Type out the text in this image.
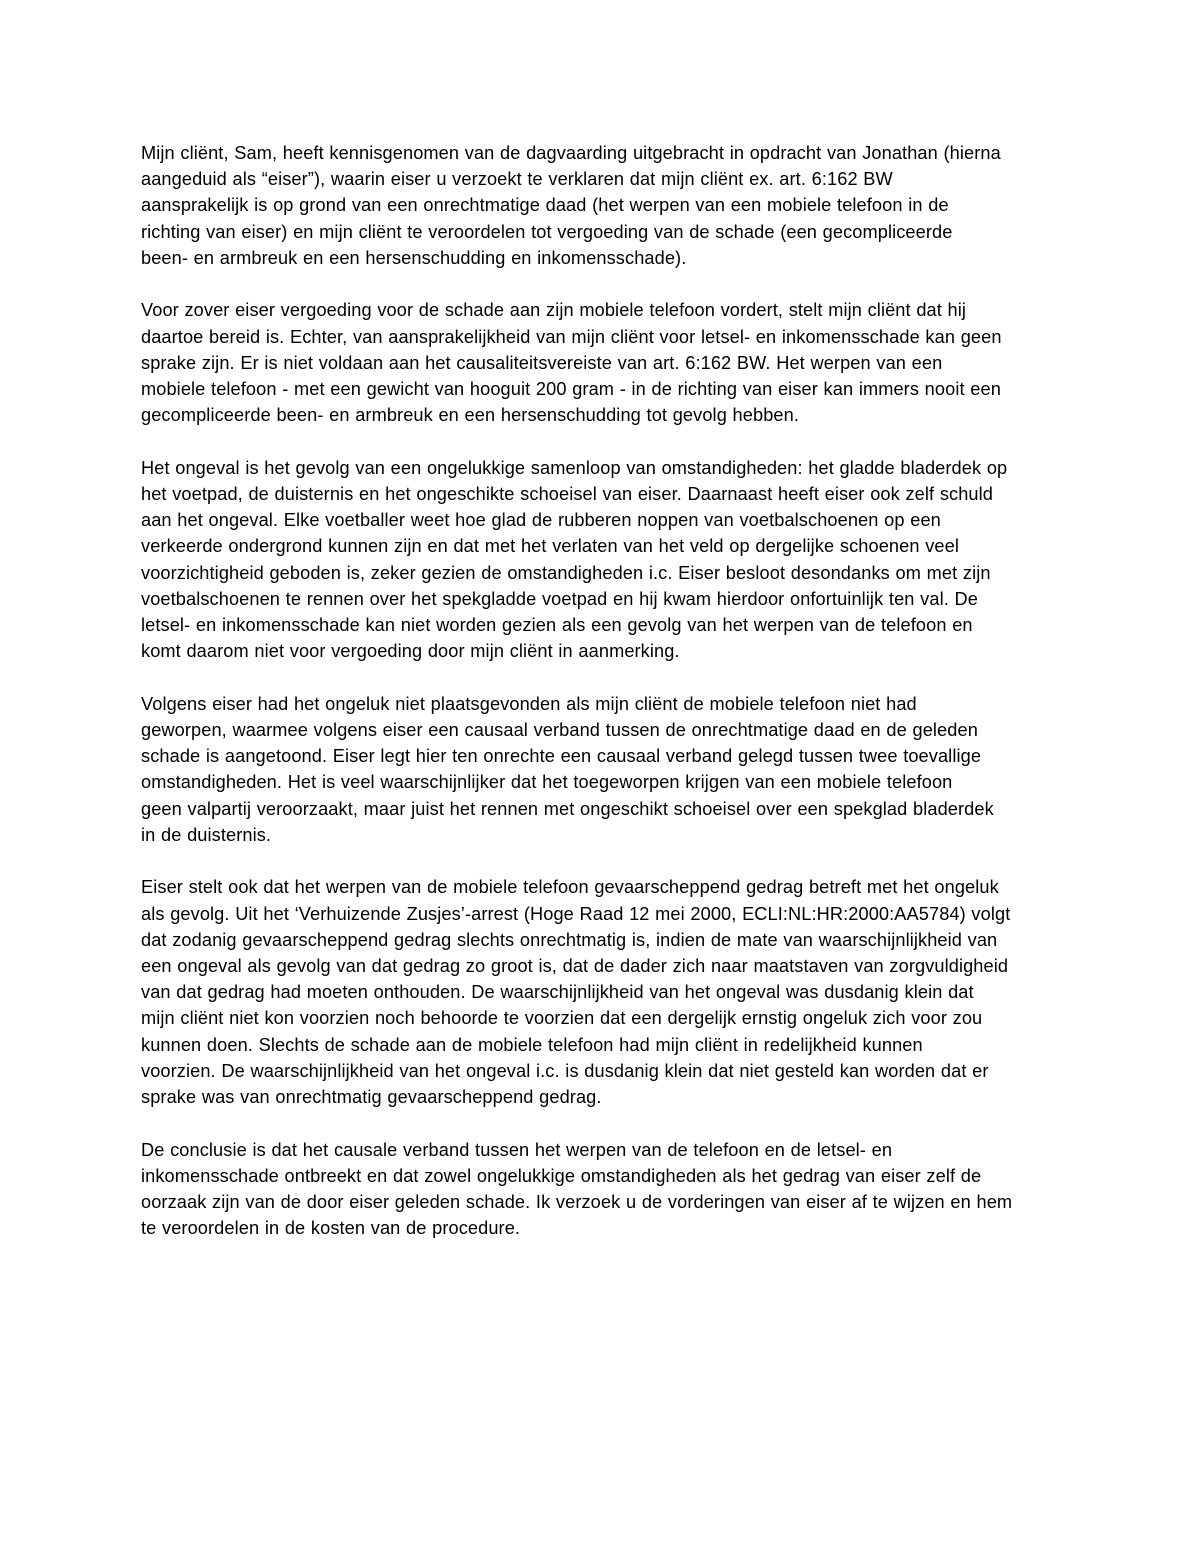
Mijn cliënt, Sam, heeft kennisgenomen van de dagvaarding uitgebracht in opdracht van Jonathan (hierna
aangeduid als “eiser”), waarin eiser u verzoekt te verklaren dat mijn cliënt ex. art. 6:162 BW
aansprakelijk is op grond van een onrechtmatige daad (het werpen van een mobiele telefoon in de
richting van eiser) en mijn cliënt te veroordelen tot vergoeding van de schade (een gecompliceerde
been- en armbreuk en een hersenschudding en inkomensschade).

Voor zover eiser vergoeding voor de schade aan zijn mobiele telefoon vordert, stelt mijn cliënt dat hij
daartoe bereid is. Echter, van aansprakelijkheid van mijn cliënt voor letsel- en inkomensschade kan geen
sprake zijn. Er is niet voldaan aan het causaliteitsvereiste van art. 6:162 BW. Het werpen van een
mobiele telefoon - met een gewicht van hooguit 200 gram - in de richting van eiser kan immers nooit een
gecompliceerde been- en armbreuk en een hersenschudding tot gevolg hebben.

Het ongeval is het gevolg van een ongelukkige samenloop van omstandigheden: het gladde bladerdek op
het voetpad, de duisternis en het ongeschikte schoeisel van eiser. Daarnaast heeft eiser ook zelf schuld
aan het ongeval. Elke voetballer weet hoe glad de rubberen noppen van voetbalschoenen op een
verkeerde ondergrond kunnen zijn en dat met het verlaten van het veld op dergelijke schoenen veel
voorzichtigheid geboden is, zeker gezien de omstandigheden i.c. Eiser besloot desondanks om met zijn
voetbalschoenen te rennen over het spekgladde voetpad en hij kwam hierdoor onfortuinlijk ten val. De
letsel- en inkomensschade kan niet worden gezien als een gevolg van het werpen van de telefoon en
komt daarom niet voor vergoeding door mijn cliënt in aanmerking.

Volgens eiser had het ongeluk niet plaatsgevonden als mijn cliënt de mobiele telefoon niet had
geworpen, waarmee volgens eiser een causaal verband tussen de onrechtmatige daad en de geleden
schade is aangetoond. Eiser legt hier ten onrechte een causaal verband gelegd tussen twee toevallige
omstandigheden. Het is veel waarschijnlijker dat het toegeworpen krijgen van een mobiele telefoon
geen valpartij veroorzaakt, maar juist het rennen met ongeschikt schoeisel over een spekglad bladerdek
in de duisternis.

Eiser stelt ook dat het werpen van de mobiele telefoon gevaarscheppend gedrag betreft met het ongeluk
als gevolg. Uit het ‘Verhuizende Zusjes’-arrest (Hoge Raad 12 mei 2000, ECLI:NL:HR:2000:AA5784) volgt
dat zodanig gevaarscheppend gedrag slechts onrechtmatig is, indien de mate van waarschijnlijkheid van
een ongeval als gevolg van dat gedrag zo groot is, dat de dader zich naar maatstaven van zorgvuldigheid
van dat gedrag had moeten onthouden. De waarschijnlijkheid van het ongeval was dusdanig klein dat
mijn cliënt niet kon voorzien noch behoorde te voorzien dat een dergelijk ernstig ongeluk zich voor zou
kunnen doen. Slechts de schade aan de mobiele telefoon had mijn cliënt in redelijkheid kunnen
voorzien. De waarschijnlijkheid van het ongeval i.c. is dusdanig klein dat niet gesteld kan worden dat er
sprake was van onrechtmatig gevaarscheppend gedrag.

De conclusie is dat het causale verband tussen het werpen van de telefoon en de letsel- en
inkomensschade ontbreekt en dat zowel ongelukkige omstandigheden als het gedrag van eiser zelf de
oorzaak zijn van de door eiser geleden schade. Ik verzoek u de vorderingen van eiser af te wijzen en hem
te veroordelen in de kosten van de procedure.
